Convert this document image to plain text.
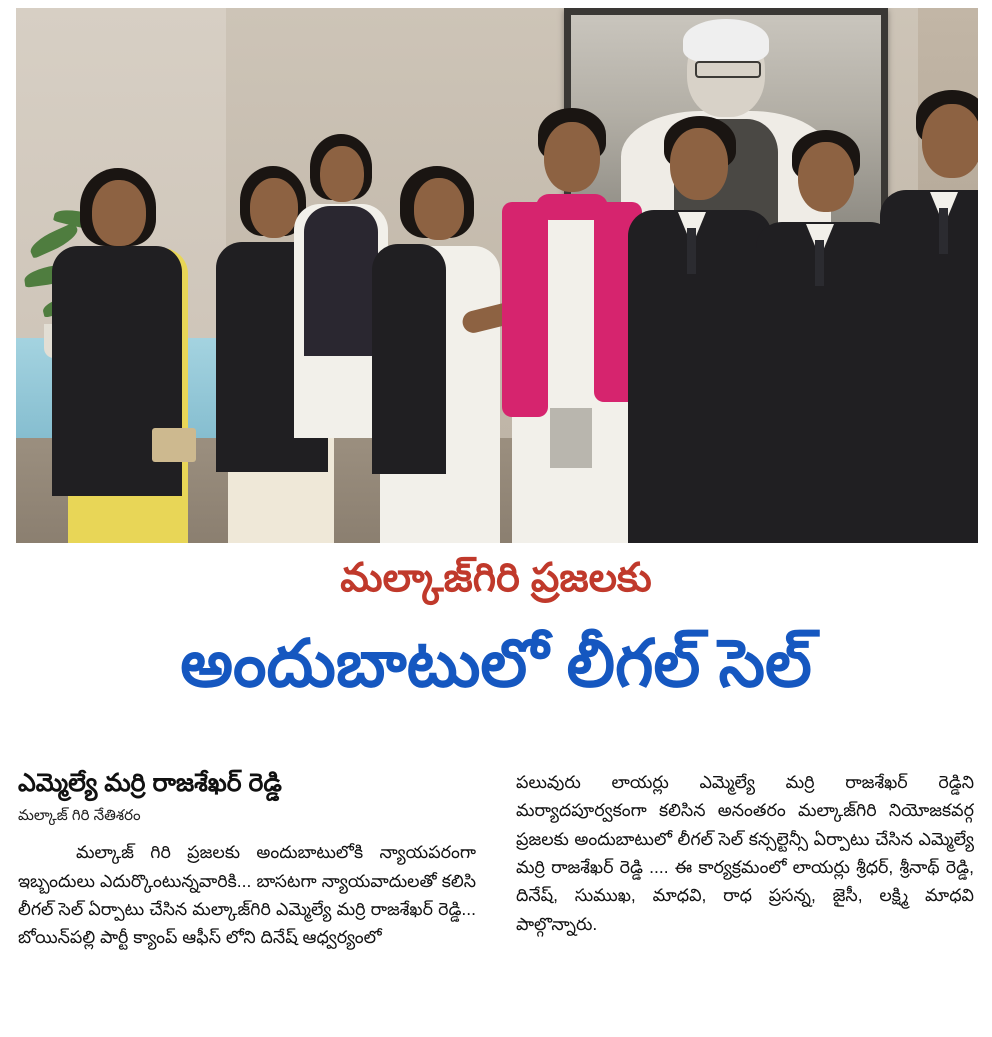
మల్కాజ్‌గిరి ప్రజలకు
అందుబాటులో లీగల్ సెల్
ఎమ్మెల్యే మర్రి రాజశేఖర్ రెడ్డి
మల్కాజ్ గిరి నేతిశరం

మల్కాజ్ గిరి ప్రజలకు అందుబాటులోకి న్యాయపరంగా ఇబ్బందులు ఎదుర్కొంటున్నవారికి... బాసటగా న్యాయవాదులతో కలిసి లీగల్ సెల్ ఏర్పాటు చేసిన మల్కాజ్‌గిరి ఎమ్మెల్యే మర్రి రాజశేఖర్ రెడ్డి... బోయిన్‌పల్లి పార్టీ క్యాంప్ ఆఫీస్ లోని దినేష్ ఆధ్వర్యంలో

పలువురు లాయర్లు ఎమ్మెల్యే మర్రి రాజశేఖర్ రెడ్డిని మర్యాదపూర్వకంగా కలిసిన అనంతరం మల్కాజ్‌గిరి నియోజకవర్గ ప్రజలకు అందుబాటులో లీగల్ సెల్ కన్సల్టెన్సీ ఏర్పాటు చేసిన ఎమ్మెల్యే మర్రి రాజశేఖర్ రెడ్డి .... ఈ కార్యక్రమంలో లాయర్లు శ్రీధర్, శ్రీనాథ్ రెడ్డి, దినేష్, సుముఖ, మాధవి, రాధ ప్రసన్న, జైసీ, లక్ష్మి మాధవి పాల్గొన్నారు.
